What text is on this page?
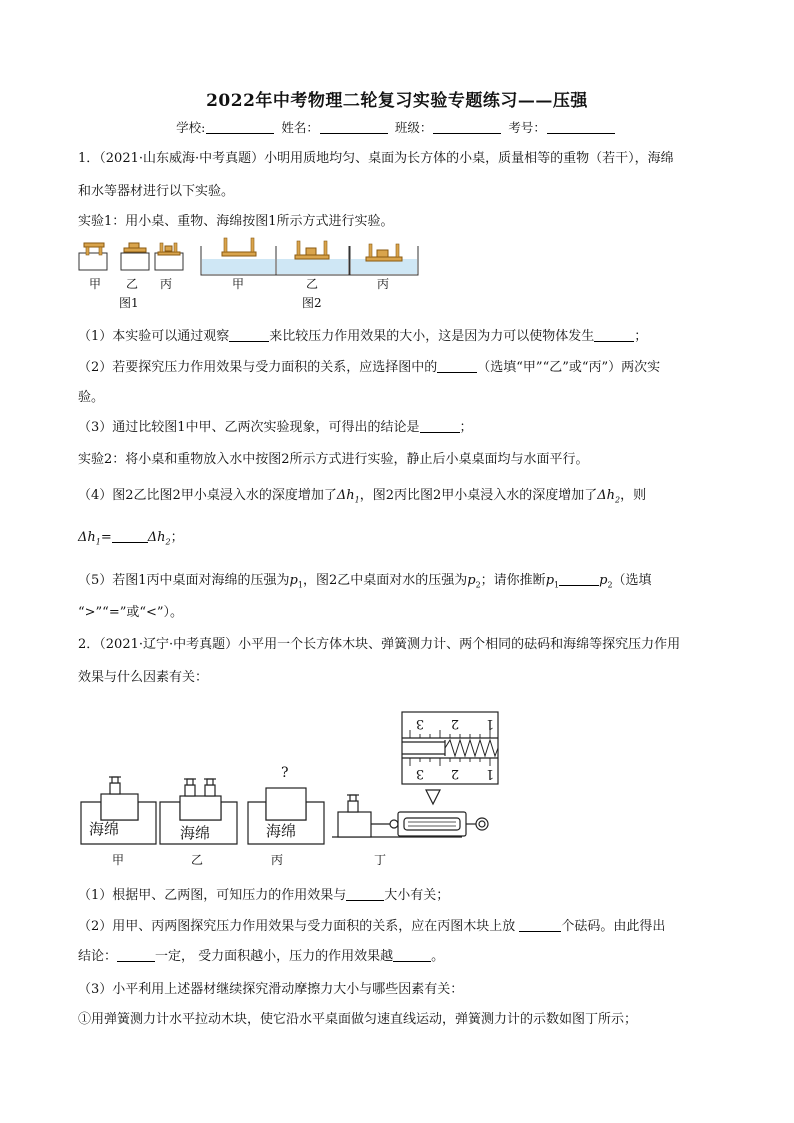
2022年中考物理二轮复习实验专题练习——压强
学校:	姓名：	班级：	考号：
1．（2021·山东威海·中考真题）小明用质地均匀、桌面为长方体的小桌，质量相等的重物（若干），海绵
和水等器材进行以下实验。
实验1：用小桌、重物、海绵按图1所示方式进行实验。
甲 乙 丙
图1
甲	乙	丙
图2
（1）本实验可以通过观察	来比较压力作用效果的大小，这是因为力可以使物体发生	；
（2）若要探究压力作用效果与受力面积的关系，应选择图中的	（选填“甲”“乙”或“丙”）两次实
验。
（3）通过比较图1中甲、乙两次实验现象，可得出的结论是	；
实验2：将小桌和重物放入水中按图2所示方式进行实验，静止后小桌桌面均与水面平行。
（4）图2乙比图2甲小桌浸入水的深度增加了$\Delta h_1$，图2丙比图2甲小桌浸入水的深度增加了$\Delta h_2$，则
$\Delta h_1=$	$\Delta h_2$；
（5）若图1丙中桌面对海绵的压强为$p_1$，图2乙中桌面对水的压强为$p_2$；请你推断$p_1$	$p_2$（选填
“>”“=”或“<”）。
2．（2021·辽宁·中考真题）小平用一个长方体木块、弹簧测力计、两个相同的砝码和海绵等探究压力作用
效果与什么因素有关：
3 2 1
3 2 1
海绵	海绵	海绵
?
甲	乙	丙	丁
（1）根据甲、乙两图，可知压力的作用效果与	大小有关；
（2）用甲、丙两图探究压力作用效果与受力面积的关系，应在丙图木块上放	个砝码。由此得出
结论：	一定， 受力面积越小，压力的作用效果越	。
（3）小平利用上述器材继续探究滑动摩擦力大小与哪些因素有关：
①用弹簧测力计水平拉动木块，使它沿水平桌面做匀速直线运动，弹簧测力计的示数如图丁所示；
